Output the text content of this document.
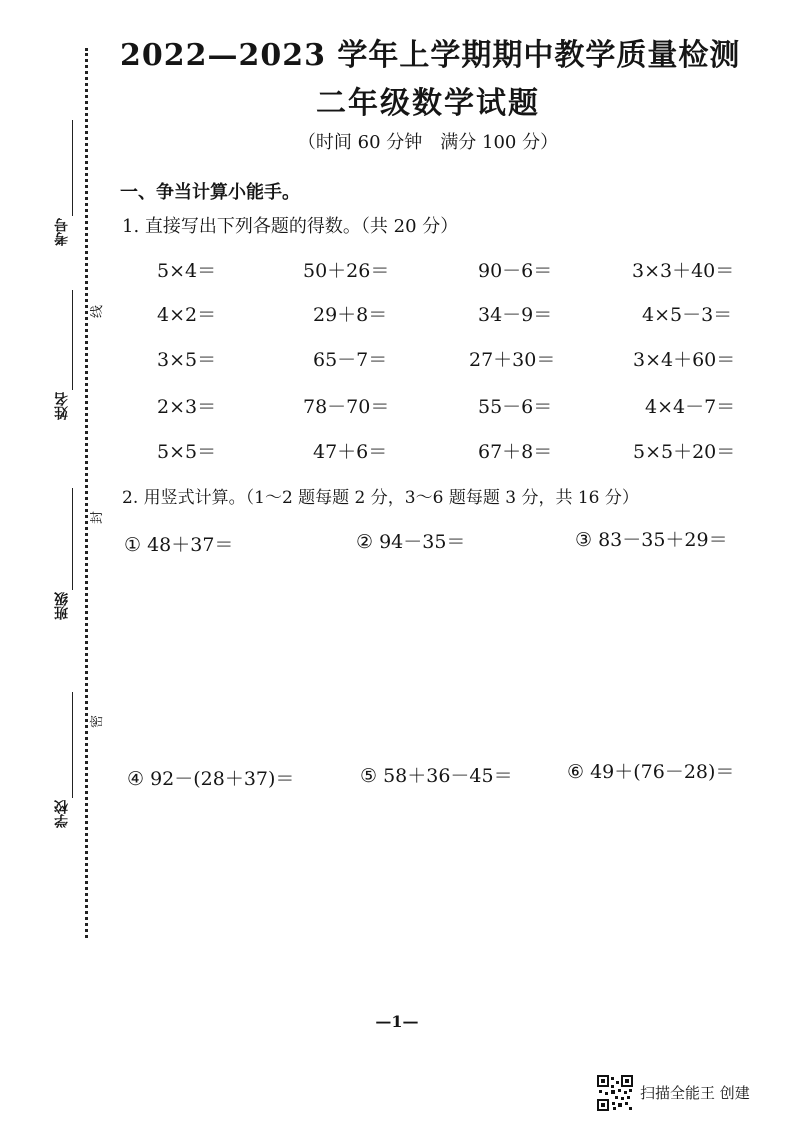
考号
姓名
班级
学校
线
封
密
2022—2023 学年上学期期中教学质量检测
二年级数学试题
（时间 60 分钟　满分 100 分）
一、争当计算小能手。
1. 直接写出下列各题的得数。（共 20 分）
5×4＝	50＋26＝	90－6＝	3×3＋40＝
4×2＝	29＋8＝	34－9＝	4×5－3＝
3×5＝	65－7＝	27＋30＝	3×4＋60＝
2×3＝	78－70＝	55－6＝	4×4－7＝
5×5＝	47＋6＝	67＋8＝	5×5＋20＝
2. 用竖式计算。（1～2 题每题 2 分，3～6 题每题 3 分，共 16 分）
① 48＋37＝	② 94－35＝	③ 83－35＋29＝
④ 92－(28＋37)＝	⑤ 58＋36－45＝	⑥ 49＋(76－28)＝
—1—
扫描全能王 创建
